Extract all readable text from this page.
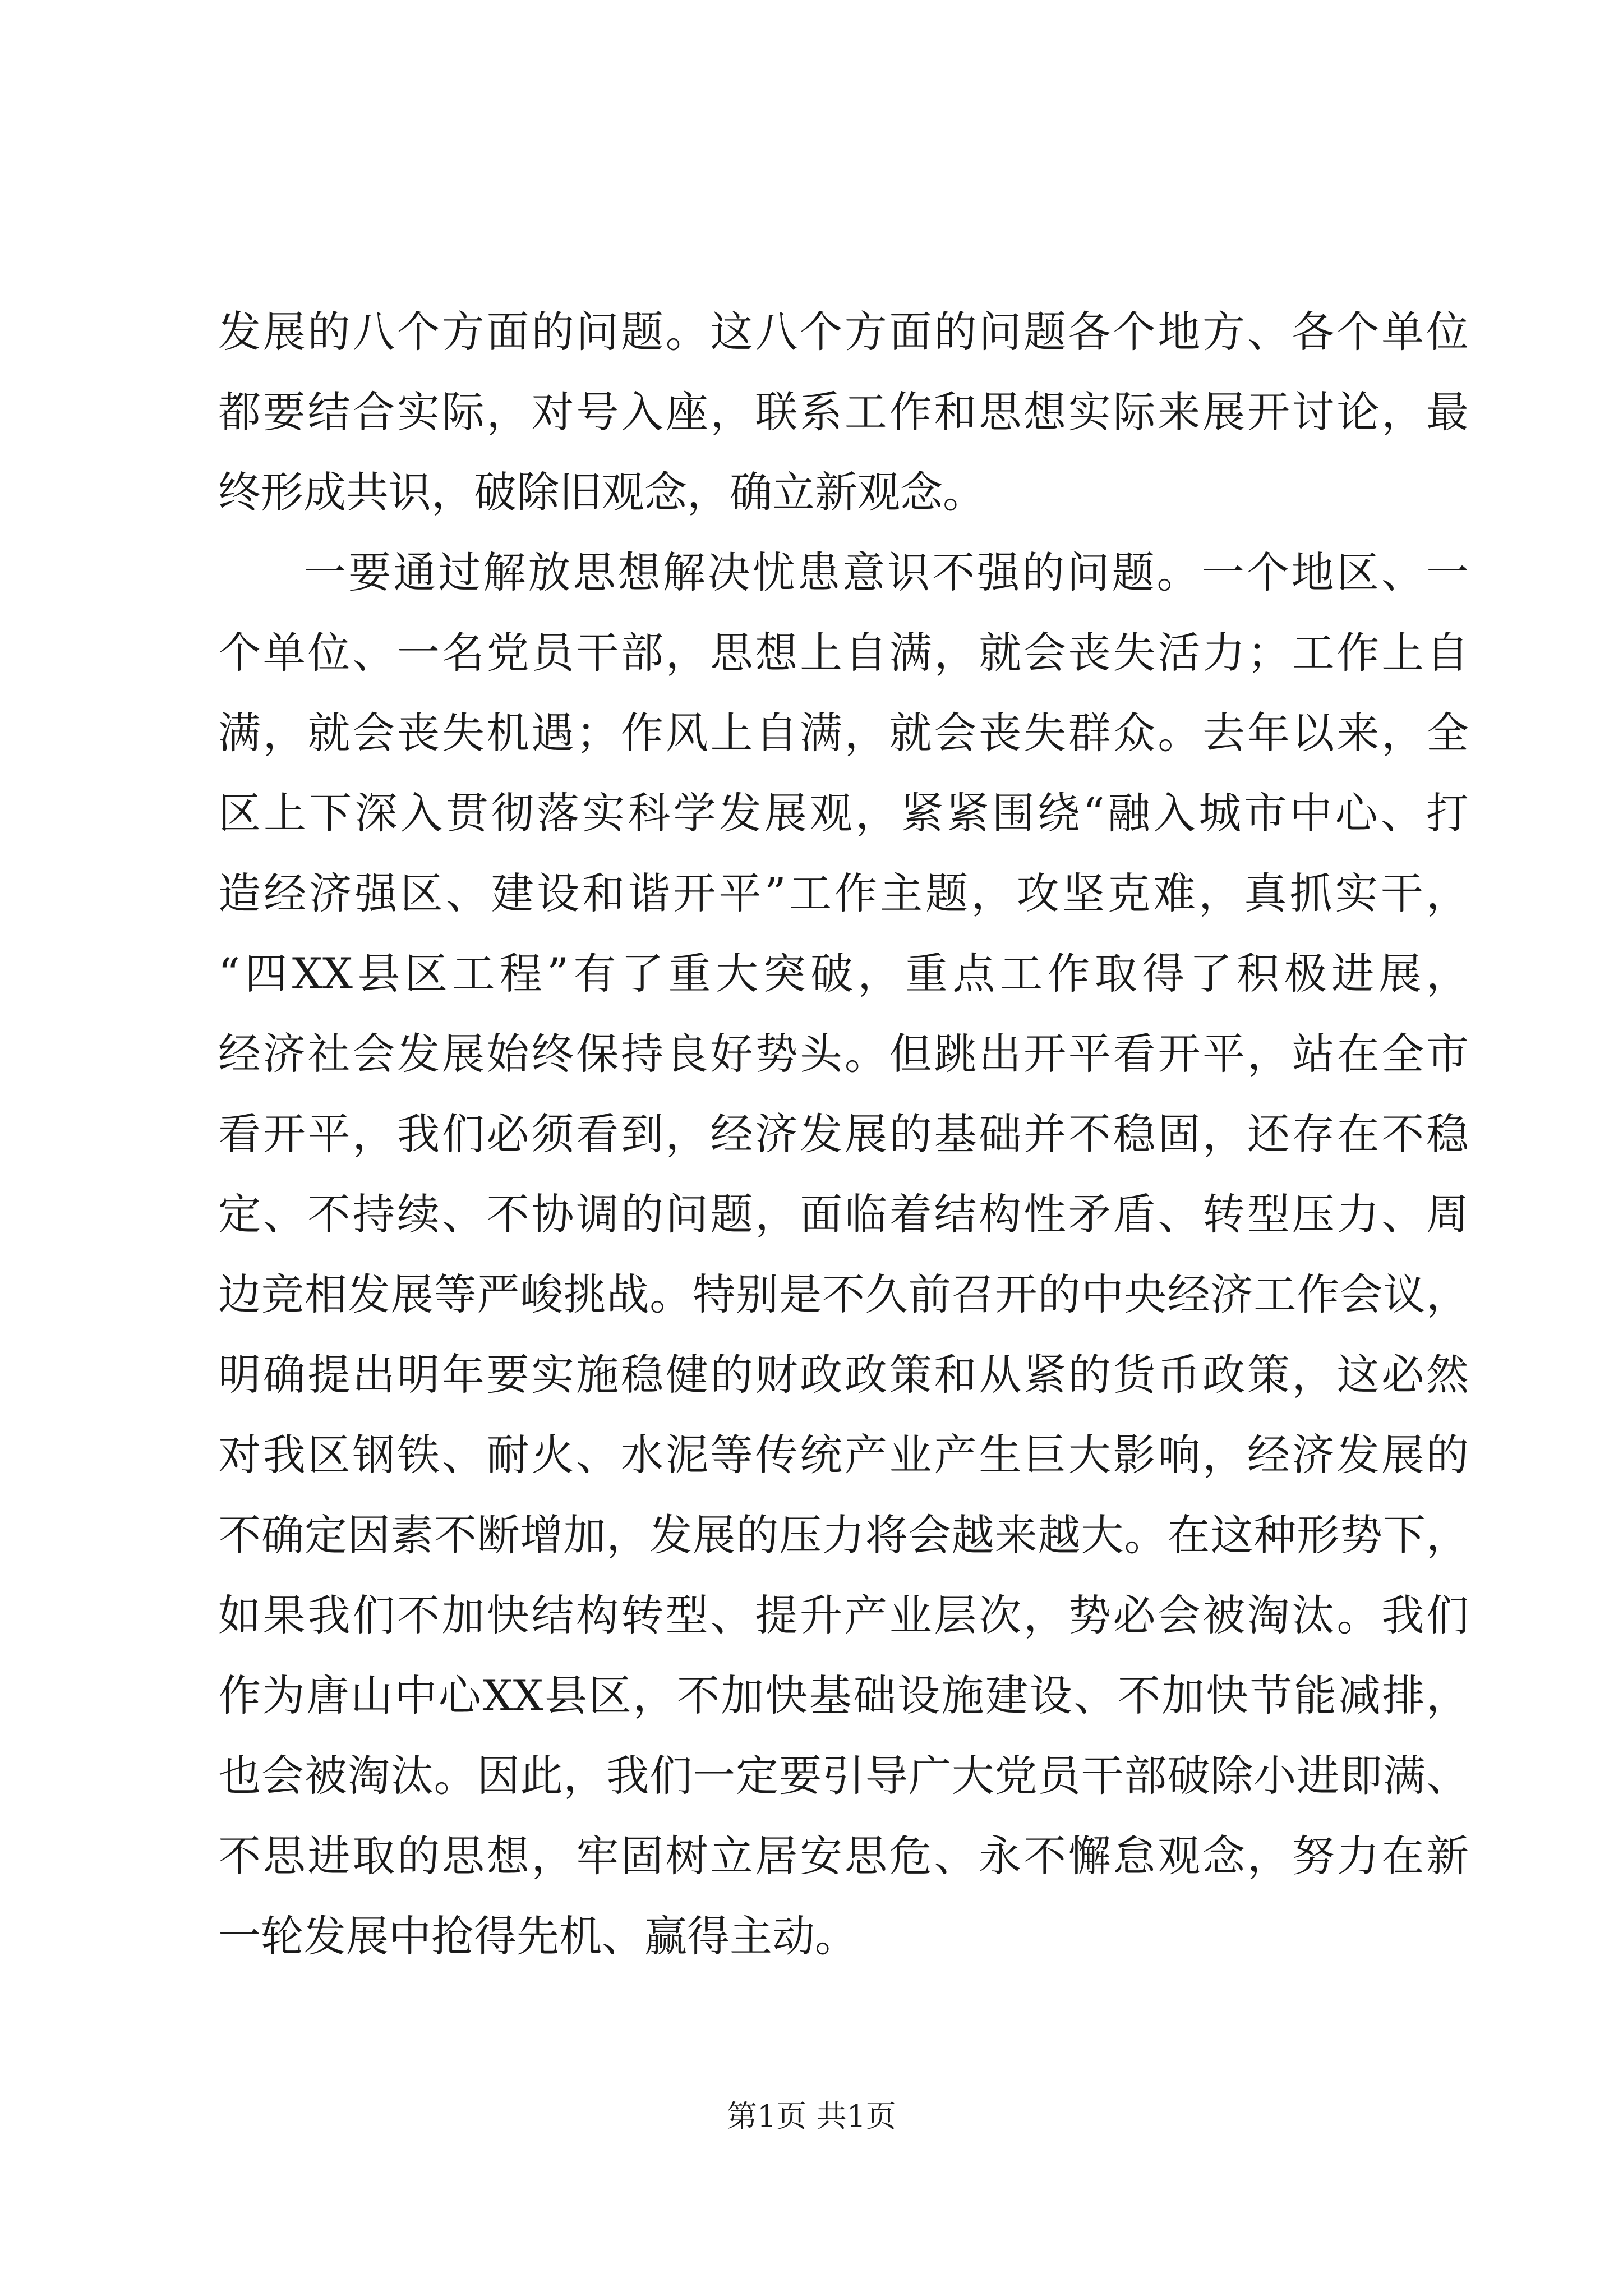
发展的八个方面的问题。这八个方面的问题各个地方、各个单位
都要结合实际，对号入座，联系工作和思想实际来展开讨论，最
终形成共识，破除旧观念，确立新观念。
一要通过解放思想解决忧患意识不强的问题。一个地区、一
个单位、一名党员干部，思想上自满，就会丧失活力；工作上自
满，就会丧失机遇；作风上自满，就会丧失群众。去年以来，全
区上下深入贯彻落实科学发展观，紧紧围绕“融入城市中心、打
造经济强区、建设和谐开平”工作主题，攻坚克难，真抓实干，
“四XX县区工程”有了重大突破，重点工作取得了积极进展，
经济社会发展始终保持良好势头。但跳出开平看开平，站在全市
看开平，我们必须看到，经济发展的基础并不稳固，还存在不稳
定、不持续、不协调的问题，面临着结构性矛盾、转型压力、周
边竞相发展等严峻挑战。特别是不久前召开的中央经济工作会议，
明确提出明年要实施稳健的财政政策和从紧的货币政策，这必然
对我区钢铁、耐火、水泥等传统产业产生巨大影响，经济发展的
不确定因素不断增加，发展的压力将会越来越大。在这种形势下，
如果我们不加快结构转型、提升产业层次，势必会被淘汰。我们
作为唐山中心XX县区，不加快基础设施建设、不加快节能减排，
也会被淘汰。因此，我们一定要引导广大党员干部破除小进即满、
不思进取的思想，牢固树立居安思危、永不懈怠观念，努力在新
一轮发展中抢得先机、赢得主动。
第1页 共1页
